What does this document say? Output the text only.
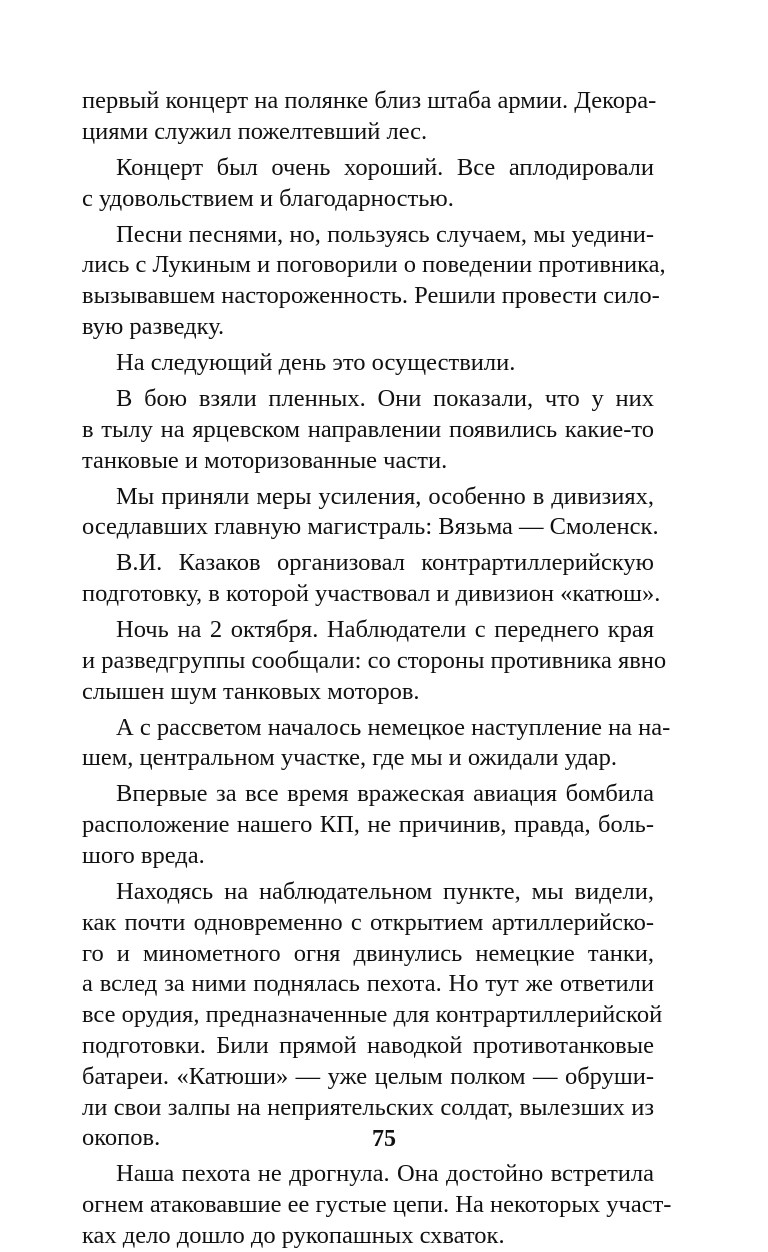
первый концерт на полянке близ штаба армии. Декора-
циями служил пожелтевший лес.
Концерт был очень хороший. Все аплодировали
с удовольствием и благодарностью.
Песни песнями, но, пользуясь случаем, мы уедини-
лись с Лукиным и поговорили о поведении противника,
вызывавшем настороженность. Решили провести сило-
вую разведку.
На следующий день это осуществили.
В бою взяли пленных. Они показали, что у них
в тылу на ярцевском направлении появились какие-то
танковые и моторизованные части.
Мы приняли меры усиления, особенно в дивизиях,
оседлавших главную магистраль: Вязьма — Смоленск.
В.И. Казаков организовал контрартиллерийскую
подготовку, в которой участвовал и дивизион «катюш».
Ночь на 2 октября. Наблюдатели с переднего края
и разведгруппы сообщали: со стороны противника явно
слышен шум танковых моторов.
А с рассветом началось немецкое наступление на на-
шем, центральном участке, где мы и ожидали удар.
Впервые за все время вражеская авиация бомбила
расположение нашего КП, не причинив, правда, боль-
шого вреда.
Находясь на наблюдательном пункте, мы видели,
как почти одновременно с открытием артиллерийско-
го и минометного огня двинулись немецкие танки,
а вслед за ними поднялась пехота. Но тут же ответили
все орудия, предназначенные для контрартиллерийской
подготовки. Били прямой наводкой противотанковые
батареи. «Катюши» — уже целым полком — обруши-
ли свои залпы на неприятельских солдат, вылезших из
окопов.
Наша пехота не дрогнула. Она достойно встретила
огнем атаковавшие ее густые цепи. На некоторых участ-
ках дело дошло до рукопашных схваток.
75
